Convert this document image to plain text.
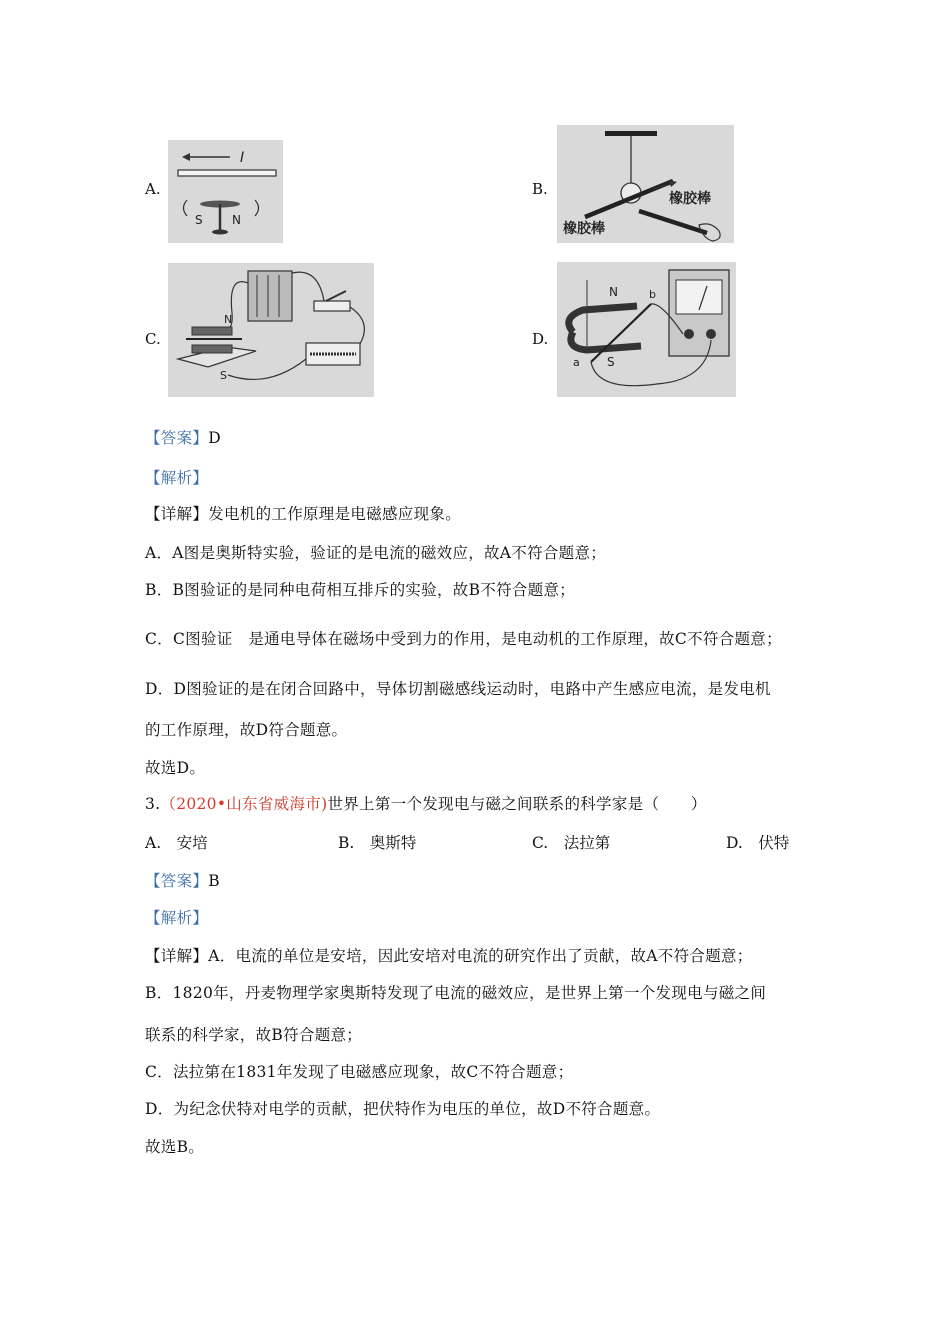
A.
I
S N
B.
橡胶棒
橡胶棒
C.
N
S
D.
N
S
b
a
【答案】D
【解析】
【详解】发电机的工作原理是电磁感应现象。
A．A图是奥斯特实验，验证的是电流的磁效应，故A不符合题意；
B．B图验证的是同种电荷相互排斥的实验，故B不符合题意；
C．C图验证　是通电导体在磁场中受到力的作用，是电动机的工作原理，故C不符合题意；
D．D图验证的是在闭合回路中，导体切割磁感线运动时，电路中产生感应电流，是发电机
的工作原理，故D符合题意。
故选D。
3.（2020•山东省威海市)世界上第一个发现电与磁之间联系的科学家是（　　）
A.　安培	B.　奥斯特	C.　法拉第	D.　伏特
【答案】B
【解析】
【详解】A．电流的单位是安培，因此安培对电流的研究作出了贡献，故A不符合题意；
B．1820年，丹麦物理学家奥斯特发现了电流的磁效应，是世界上第一个发现电与磁之间
联系的科学家，故B符合题意；
C．法拉第在1831年发现了电磁感应现象，故C不符合题意；
D．为纪念伏特对电学的贡献，把伏特作为电压的单位，故D不符合题意。
故选B。
